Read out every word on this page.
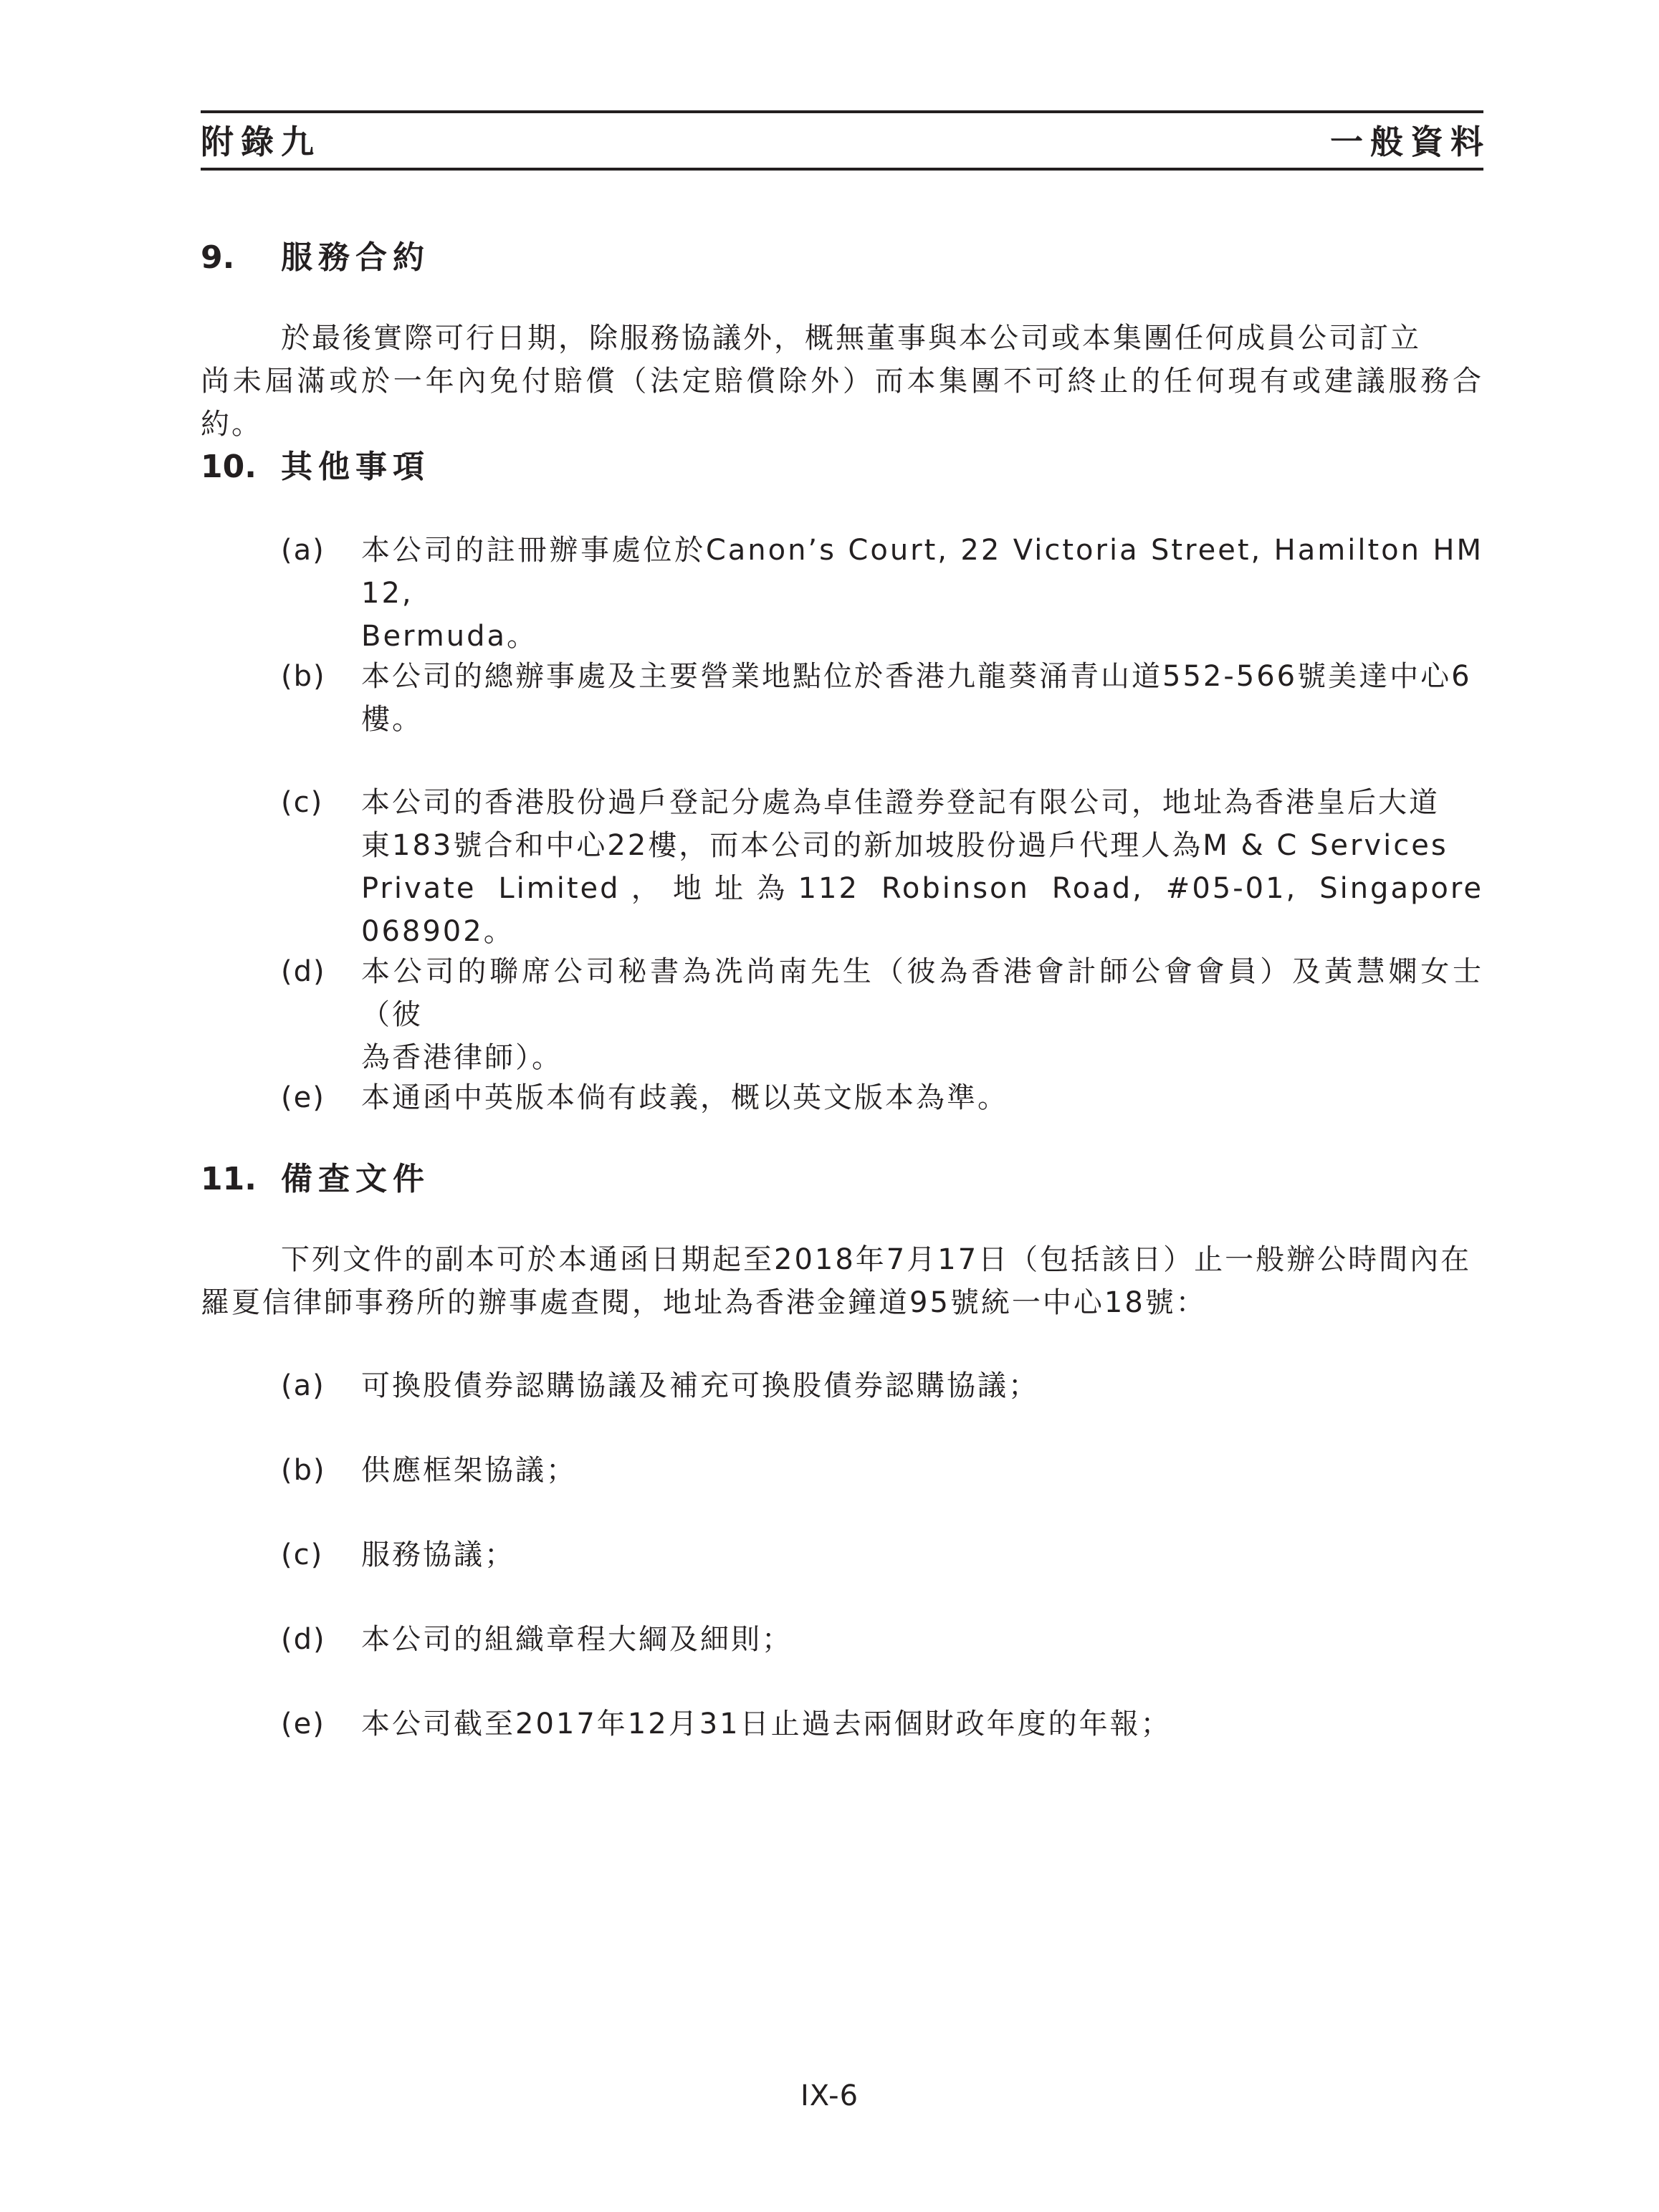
附錄九	一般資料
9. 服務合約

於最後實際可行日期，除服務協議外，概無董事與本公司或本集團任何成員公司訂立
尚未屆滿或於一年內免付賠償（法定賠償除外）而本集團不可終止的任何現有或建議服務合約。

10. 其他事項
(a)	本公司的註冊辦事處位於Canon’s Court, 22 Victoria Street, Hamilton HM 12,
Bermuda。
(b)	本公司的總辦事處及主要營業地點位於香港九龍葵涌青山道552-566號美達中心6
樓。
(c)	本公司的香港股份過戶登記分處為卓佳證券登記有限公司，地址為香港皇后大道
東183號合和中心22樓，而本公司的新加坡股份過戶代理人為M & C Services
Private Limited，地址為112 Robinson Road, #05-01, Singapore 068902。
(d)	本公司的聯席公司秘書為冼尚南先生（彼為香港會計師公會會員）及黃慧嫻女士（彼
為香港律師）。
(e)	本通函中英版本倘有歧義，概以英文版本為準。
11. 備查文件

下列文件的副本可於本通函日期起至2018年7月17日（包括該日）止一般辦公時間內在
羅夏信律師事務所的辦事處查閱，地址為香港金鐘道95號統一中心18號：

(a)	可換股債券認購協議及補充可換股債券認購協議；
(b)	供應框架協議；
(c)	服務協議；
(d)	本公司的組織章程大綱及細則；
(e)	本公司截至2017年12月31日止過去兩個財政年度的年報；
IX-6
